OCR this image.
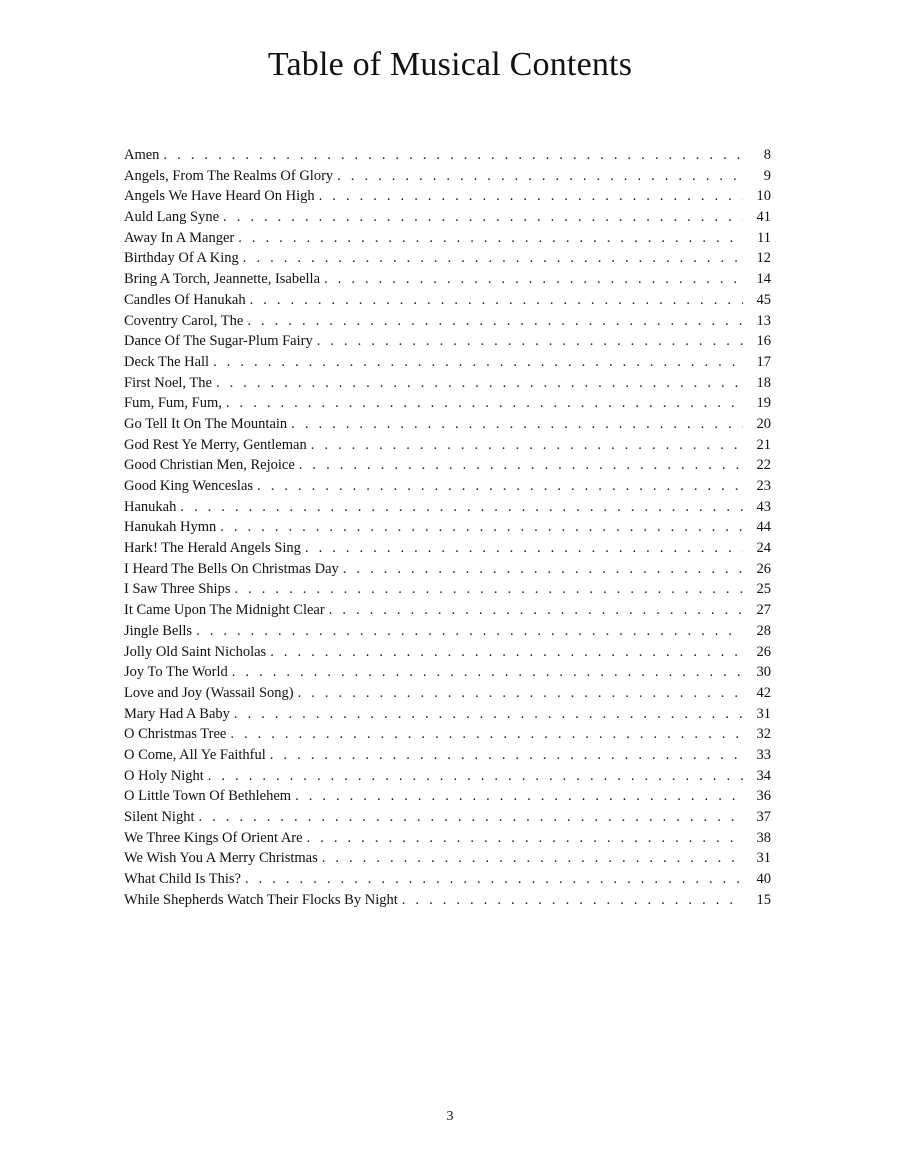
Table of Musical Contents
Amen . . .	8
Angels, From The Realms Of Glory . . .	9
Angels We Have Heard On High . . .	10
Auld Lang Syne . . .	41
Away In A Manger . . .	11
Birthday Of A King . . .	12
Bring A Torch, Jeannette, Isabella . . .	14
Candles Of Hanukah . . .	45
Coventry Carol, The . . .	13
Dance Of The Sugar-Plum Fairy . . .	16
Deck The Hall . . .	17
First Noel, The . . .	18
Fum, Fum, Fum, . . .	19
Go Tell It On The Mountain . . .	20
God Rest Ye Merry, Gentleman . . .	21
Good Christian Men, Rejoice . . .	22
Good King Wenceslas . . .	23
Hanukah . . .	43
Hanukah Hymn . . .	44
Hark! The Herald Angels Sing . . .	24
I Heard The Bells On Christmas Day . . .	26
I Saw Three Ships . . .	25
It Came Upon The Midnight Clear . . .	27
Jingle Bells . . .	28
Jolly Old Saint Nicholas . . .	26
Joy To The World . . .	30
Love and Joy (Wassail Song) . . .	42
Mary Had A Baby . . .	31
O Christmas Tree . . .	32
O Come, All Ye Faithful . . .	33
O Holy Night . . .	34
O Little Town Of Bethlehem . . .	36
Silent Night . . .	37
We Three Kings Of Orient Are . . .	38
We Wish You A Merry Christmas . . .	31
What Child Is This? . . .	40
While Shepherds Watch Their Flocks By Night . . .	15
3
